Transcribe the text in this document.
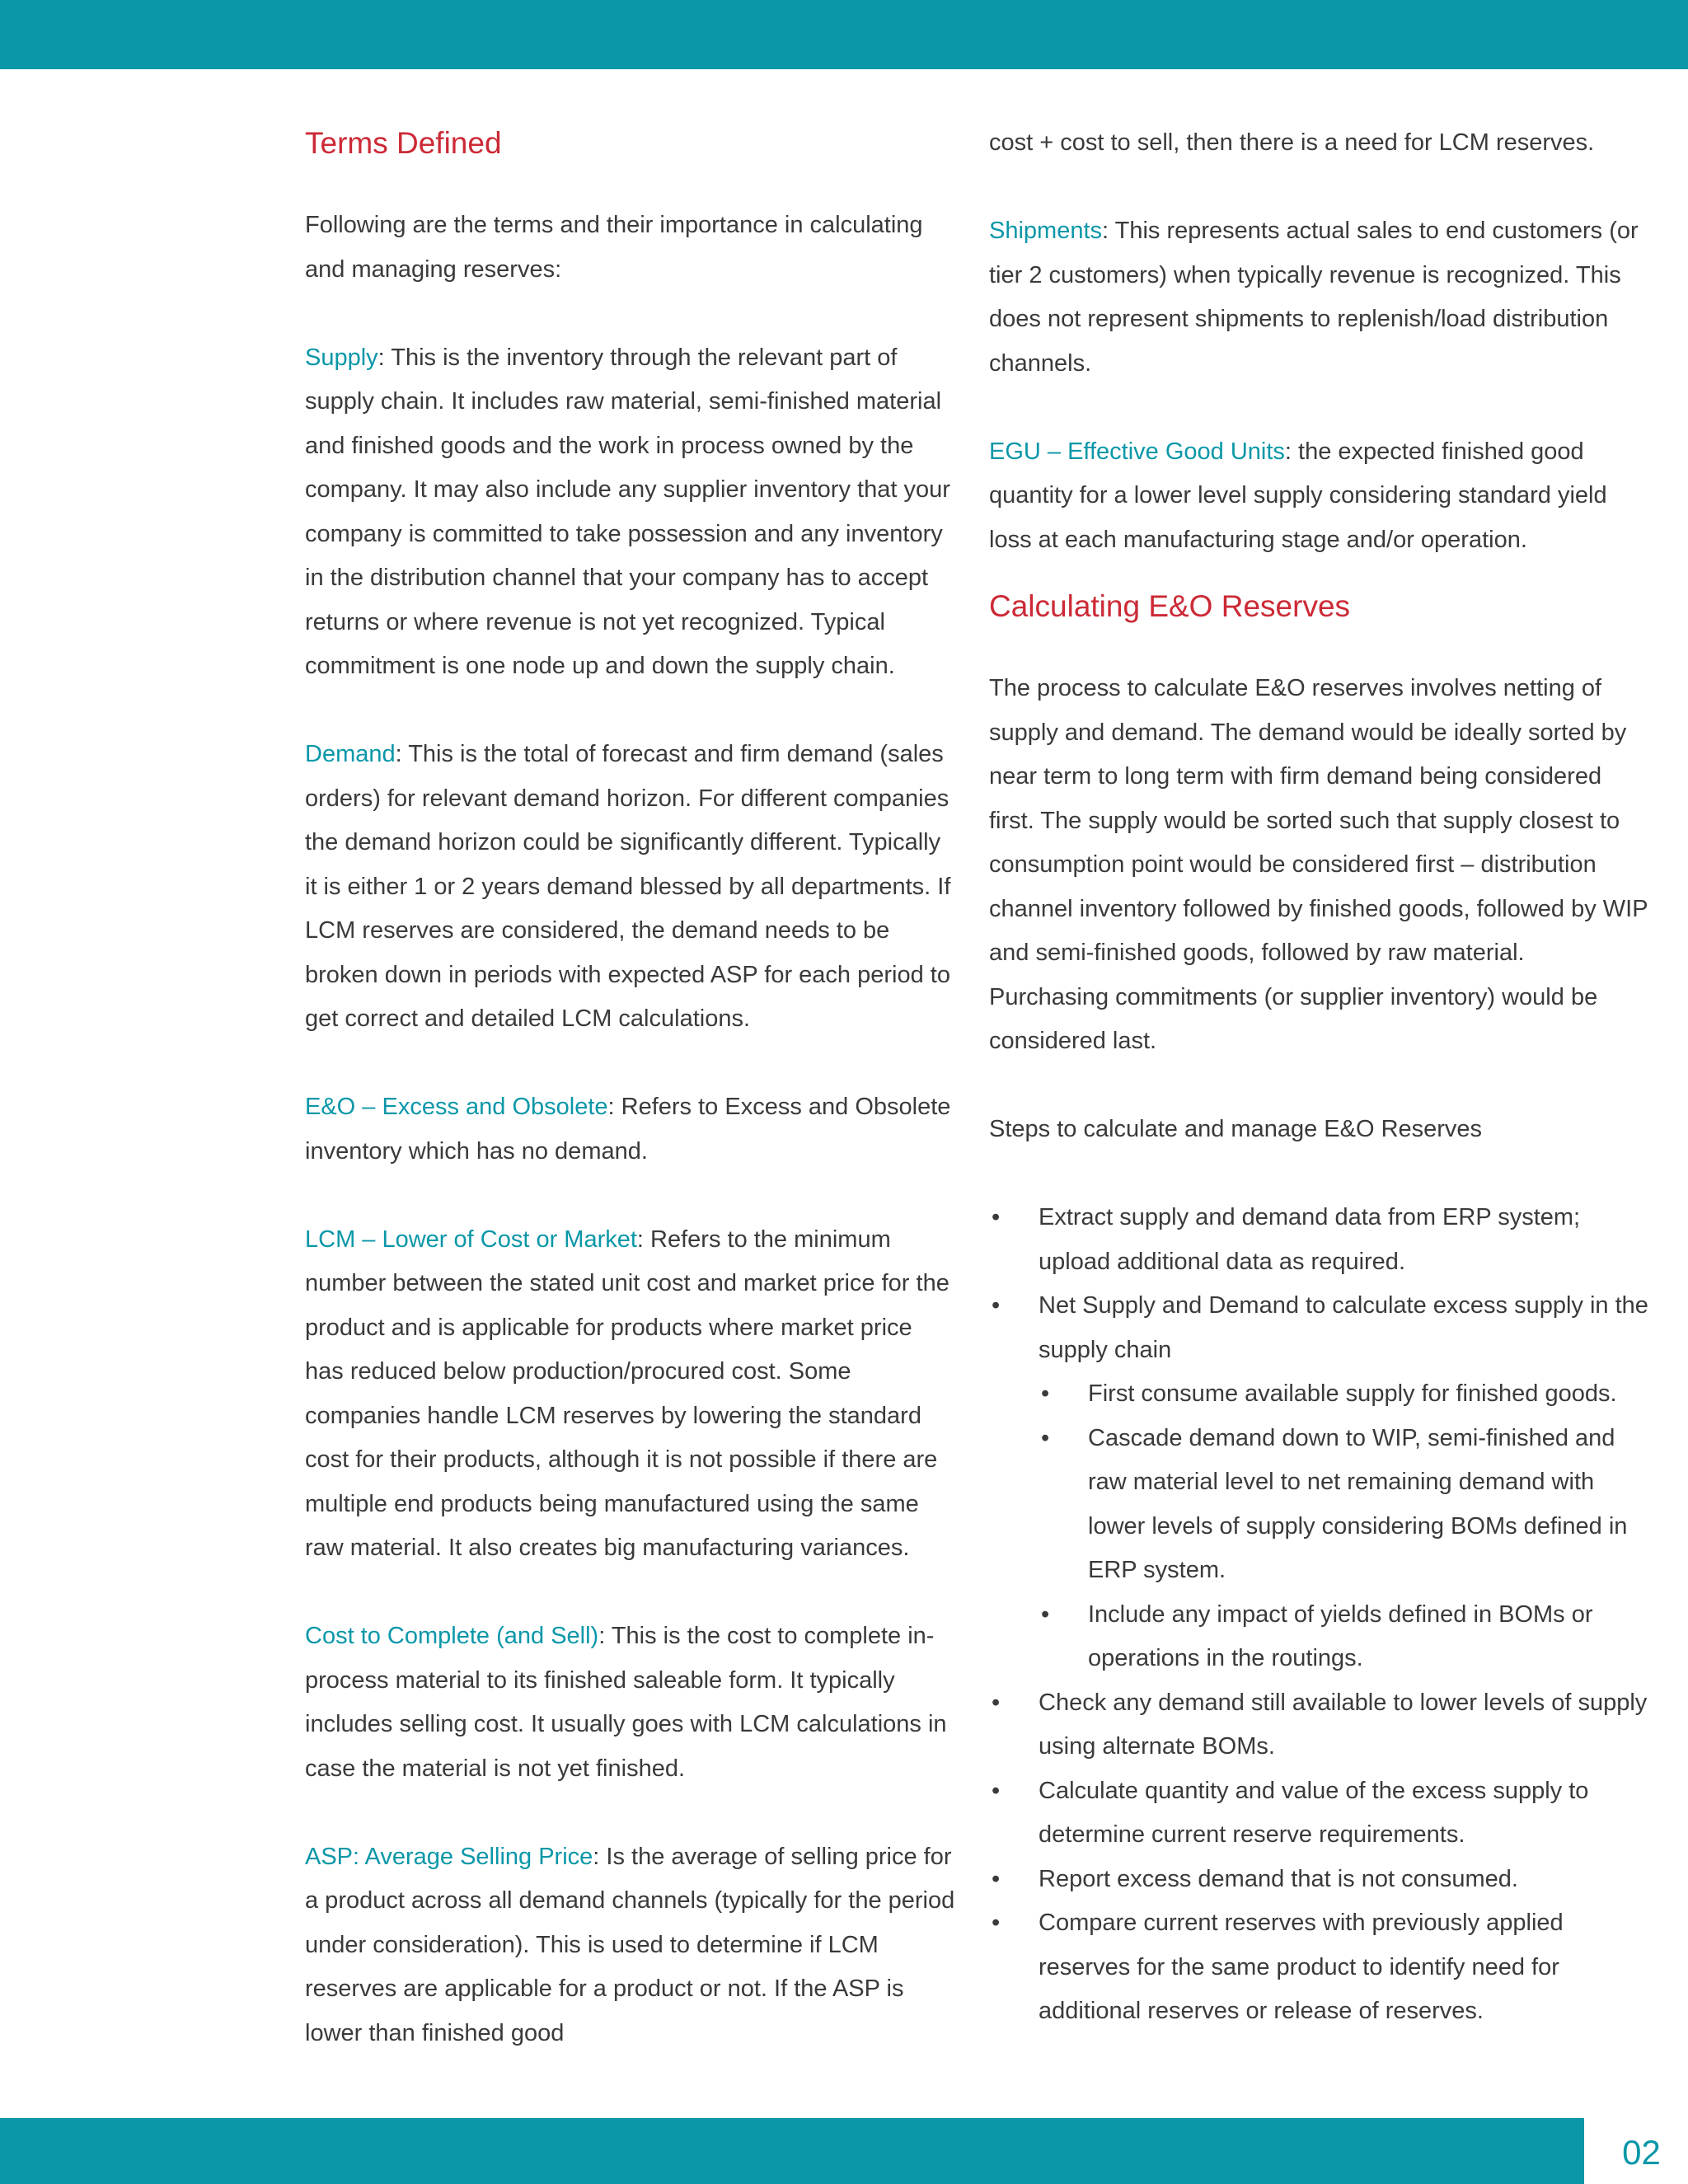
Terms Defined

Following are the terms and their importance in calculating and managing reserves:

Supply: This is the inventory through the relevant part of supply chain. It includes raw material, semi-finished material and finished goods and the work in process owned by the company. It may also include any supplier inventory that your company is committed to take possession and any inventory in the distribution channel that your company has to accept returns or where revenue is not yet recognized. Typical commitment is one node up and down the supply chain.

Demand: This is the total of forecast and firm demand (sales orders) for relevant demand horizon. For different companies the demand horizon could be significantly different. Typically it is either 1 or 2 years demand blessed by all departments. If LCM reserves are considered, the demand needs to be broken down in periods with expected ASP for each period to get correct and detailed LCM calculations.

E&O – Excess and Obsolete: Refers to Excess and Obsolete inventory which has no demand.

LCM – Lower of Cost or Market: Refers to the minimum number between the stated unit cost and market price for the product and is applicable for products where market price has reduced below production/procured cost. Some companies handle LCM reserves by lowering the standard cost for their products, although it is not possible if there are multiple end products being manufactured using the same raw material. It also creates big manufacturing variances.

Cost to Complete (and Sell): This is the cost to complete in-process material to its finished saleable form. It typically includes selling cost. It usually goes with LCM calculations in case the material is not yet finished.

ASP: Average Selling Price: Is the average of selling price for a product across all demand channels (typically for the period under consideration). This is used to determine if LCM reserves are applicable for a product or not. If the ASP is lower than finished good

cost + cost to sell, then there is a need for LCM reserves.

Shipments: This represents actual sales to end customers (or tier 2 customers) when typically revenue is recognized. This does not represent shipments to replenish/load distribution channels.

EGU – Effective Good Units: the expected finished good quantity for a lower level supply considering standard yield loss at each manufacturing stage and/or operation.

Calculating E&O Reserves

The process to calculate E&O reserves involves netting of supply and demand. The demand would be ideally sorted by near term to long term with firm demand being considered first. The supply would be sorted such that supply closest to consumption point would be considered first – distribution channel inventory followed by finished goods, followed by WIP and semi-finished goods, followed by raw material. Purchasing commitments (or supplier inventory) would be considered last.

Steps to calculate and manage E&O Reserves

• Extract supply and demand data from ERP system; upload additional data as required.
• Net Supply and Demand to calculate excess supply in the supply chain
• First consume available supply for finished goods.
• Cascade demand down to WIP, semi-finished and raw material level to net remaining demand with lower levels of supply considering BOMs defined in ERP system.
• Include any impact of yields defined in BOMs or operations in the routings.
• Check any demand still available to lower levels of supply using alternate BOMs.
• Calculate quantity and value of the excess supply to determine current reserve requirements.
• Report excess demand that is not consumed.
• Compare current reserves with previously applied reserves for the same product to identify need for additional reserves or release of reserves.
02
